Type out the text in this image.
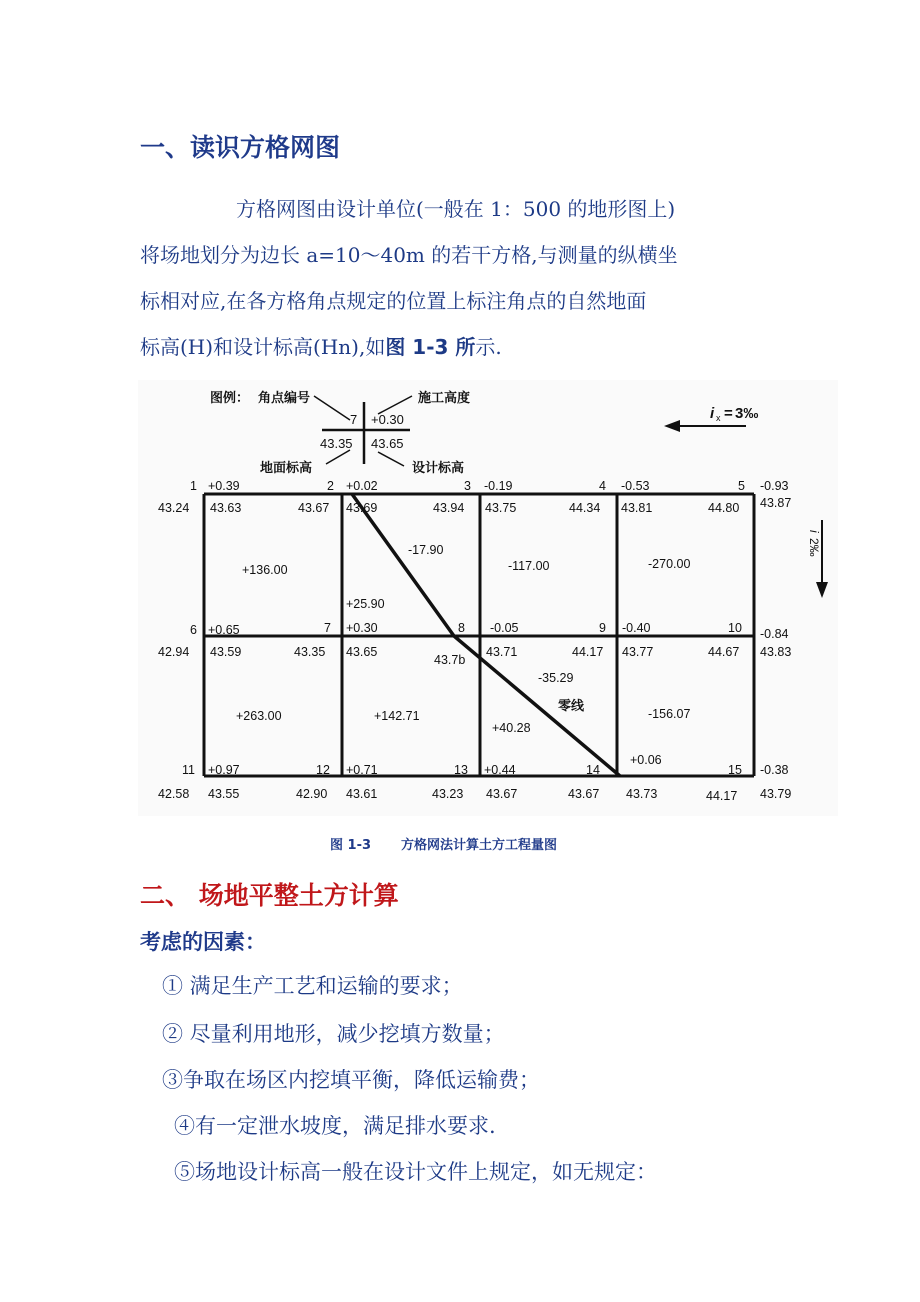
一、读识方格网图
方格网图由设计单位(一般在 1：500 的地形图上)
将场地划分为边长 a=10～40m 的若干方格,与测量的纵横坐
标相对应,在各方格角点规定的位置上标注角点的自然地面
标高(H)和设计标高(Hn),如图 1-3 所示.
图例： 角点编号	施工高度
地面标高	设计标高
7 +0.30
43.35 43.65
i x = 3‰
i
2‰
零线
1 +0.39
43.24 43.63
2 +0.02
43.67 43.69
3 -0.19
43.94 43.75
4 -0.53
44.34 43.81
5 -0.93
44.80 43.87
6 +0.65
42.94 43.59
7 +0.30
43.35 43.65
8
43.7b
9
-0.05
43.71	44.17
10
-0.40
43.77	44.67
-0.84
43.83
11 +0.97
42.58 43.55
12 +0.71
42.90 43.61
13 +0.44
43.23 43.67
14
+0.06
43.67 43.73
15 -0.38
44.17 43.79
+136.00
-17.90
-117.00	-270.00
+25.90
+263.00	+142.71
-35.29
+40.28
-156.07
图 1-3 方格网法计算土方工程量图
二、 场地平整土方计算
考虑的因素：
① 满足生产工艺和运输的要求；
② 尽量利用地形，减少挖填方数量；
③争取在场区内挖填平衡，降低运输费；
④有一定泄水坡度，满足排水要求.
⑤场地设计标高一般在设计文件上规定，如无规定：
